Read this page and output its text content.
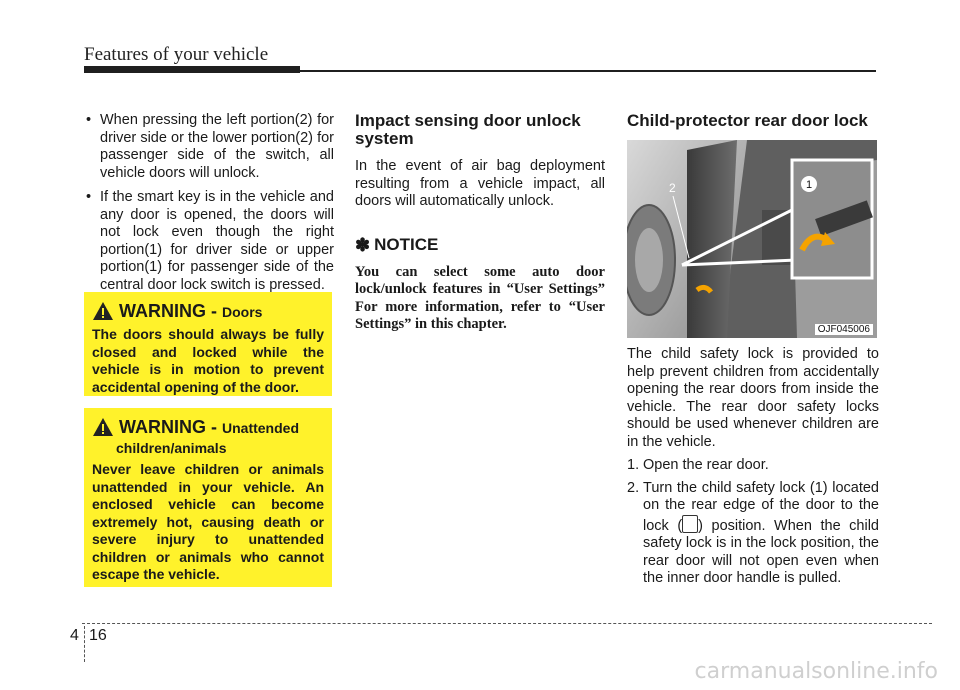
Features of your vehicle
• When pressing the left portion(2) for driver side or the lower portion(2) for passenger side of the switch, all vehicle doors will unlock.
• If the smart key is in the vehicle and any door is opened, the doors will not lock even though the right portion(1) for driver side or upper portion(1) for passenger side of the central door lock switch is pressed.
WARNING - Doors
The doors should always be fully closed and locked while the vehicle is in motion to prevent accidental opening of the door.
WARNING - Unattended
children/animals
Never leave children or animals unattended in your vehicle. An enclosed vehicle can become extremely hot, causing death or severe injury to unattended children or animals who cannot escape the vehicle.
Impact sensing door unlock system

In the event of air bag deployment resulting from a vehicle impact, all doors will automatically unlock.

✽ NOTICE
You can select some auto door lock/unlock features in “User Settings” For more information, refer to “User Settings” in this chapter.
Child-protector rear door lock
1
2
OJF045006

The child safety lock is provided to help prevent children from accidentally opening the rear doors from inside the vehicle. The rear door safety locks should be used whenever children are in the vehicle.

1. Open the rear door.
2. Turn the child safety lock (1) located on the rear edge of the door to the lock ( ) position. When the child safety lock is in the lock position, the rear door will not open even when the inner door handle is pulled.
4 16
carmanualsonline.info
